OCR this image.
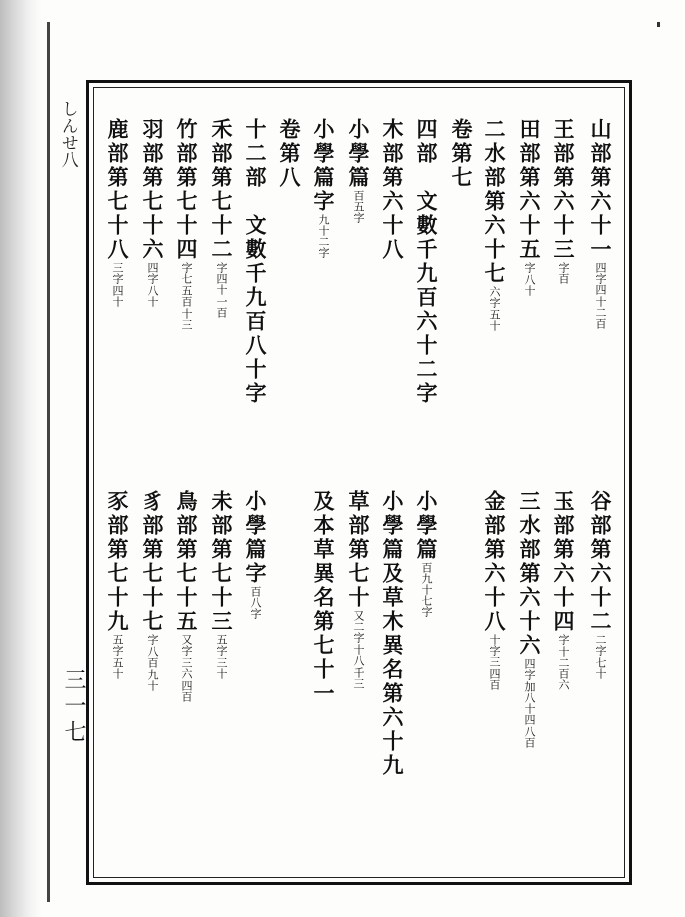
しんせ八
三一七
山部第六十一
十二百
四字四
王部第六十三
字百
田部第六十五
八十
字
二水部第六十七
五十
六字
卷第七
四部　文數千九百六十二字
木部第六十八
小學篇
百五字
小學篇字
九十二字
卷第八
十二部　文數千九百八十字
禾部第七十二
一百
字四十
竹部第七十四
十三
五百
字七
羽部第七十六
八十
四字
鹿部第七十八
四十
三字
谷部第六十二
七十
二字
玉部第六十四
十二百六
字
三水部第六十六
八百
加八十四
四字
金部第六十八
四百
十字三
小學篇
百九十七字
小學篇及草木異名第六十九
草部第七十
千三
十八
又二字
及本草異名第七十一
小學篇字
百八字
未部第七十三
三十
五字
鳥部第七十五
四百
三六
又字
豸部第七十七
九十
八百
字
豕部第七十九
五十
五字
